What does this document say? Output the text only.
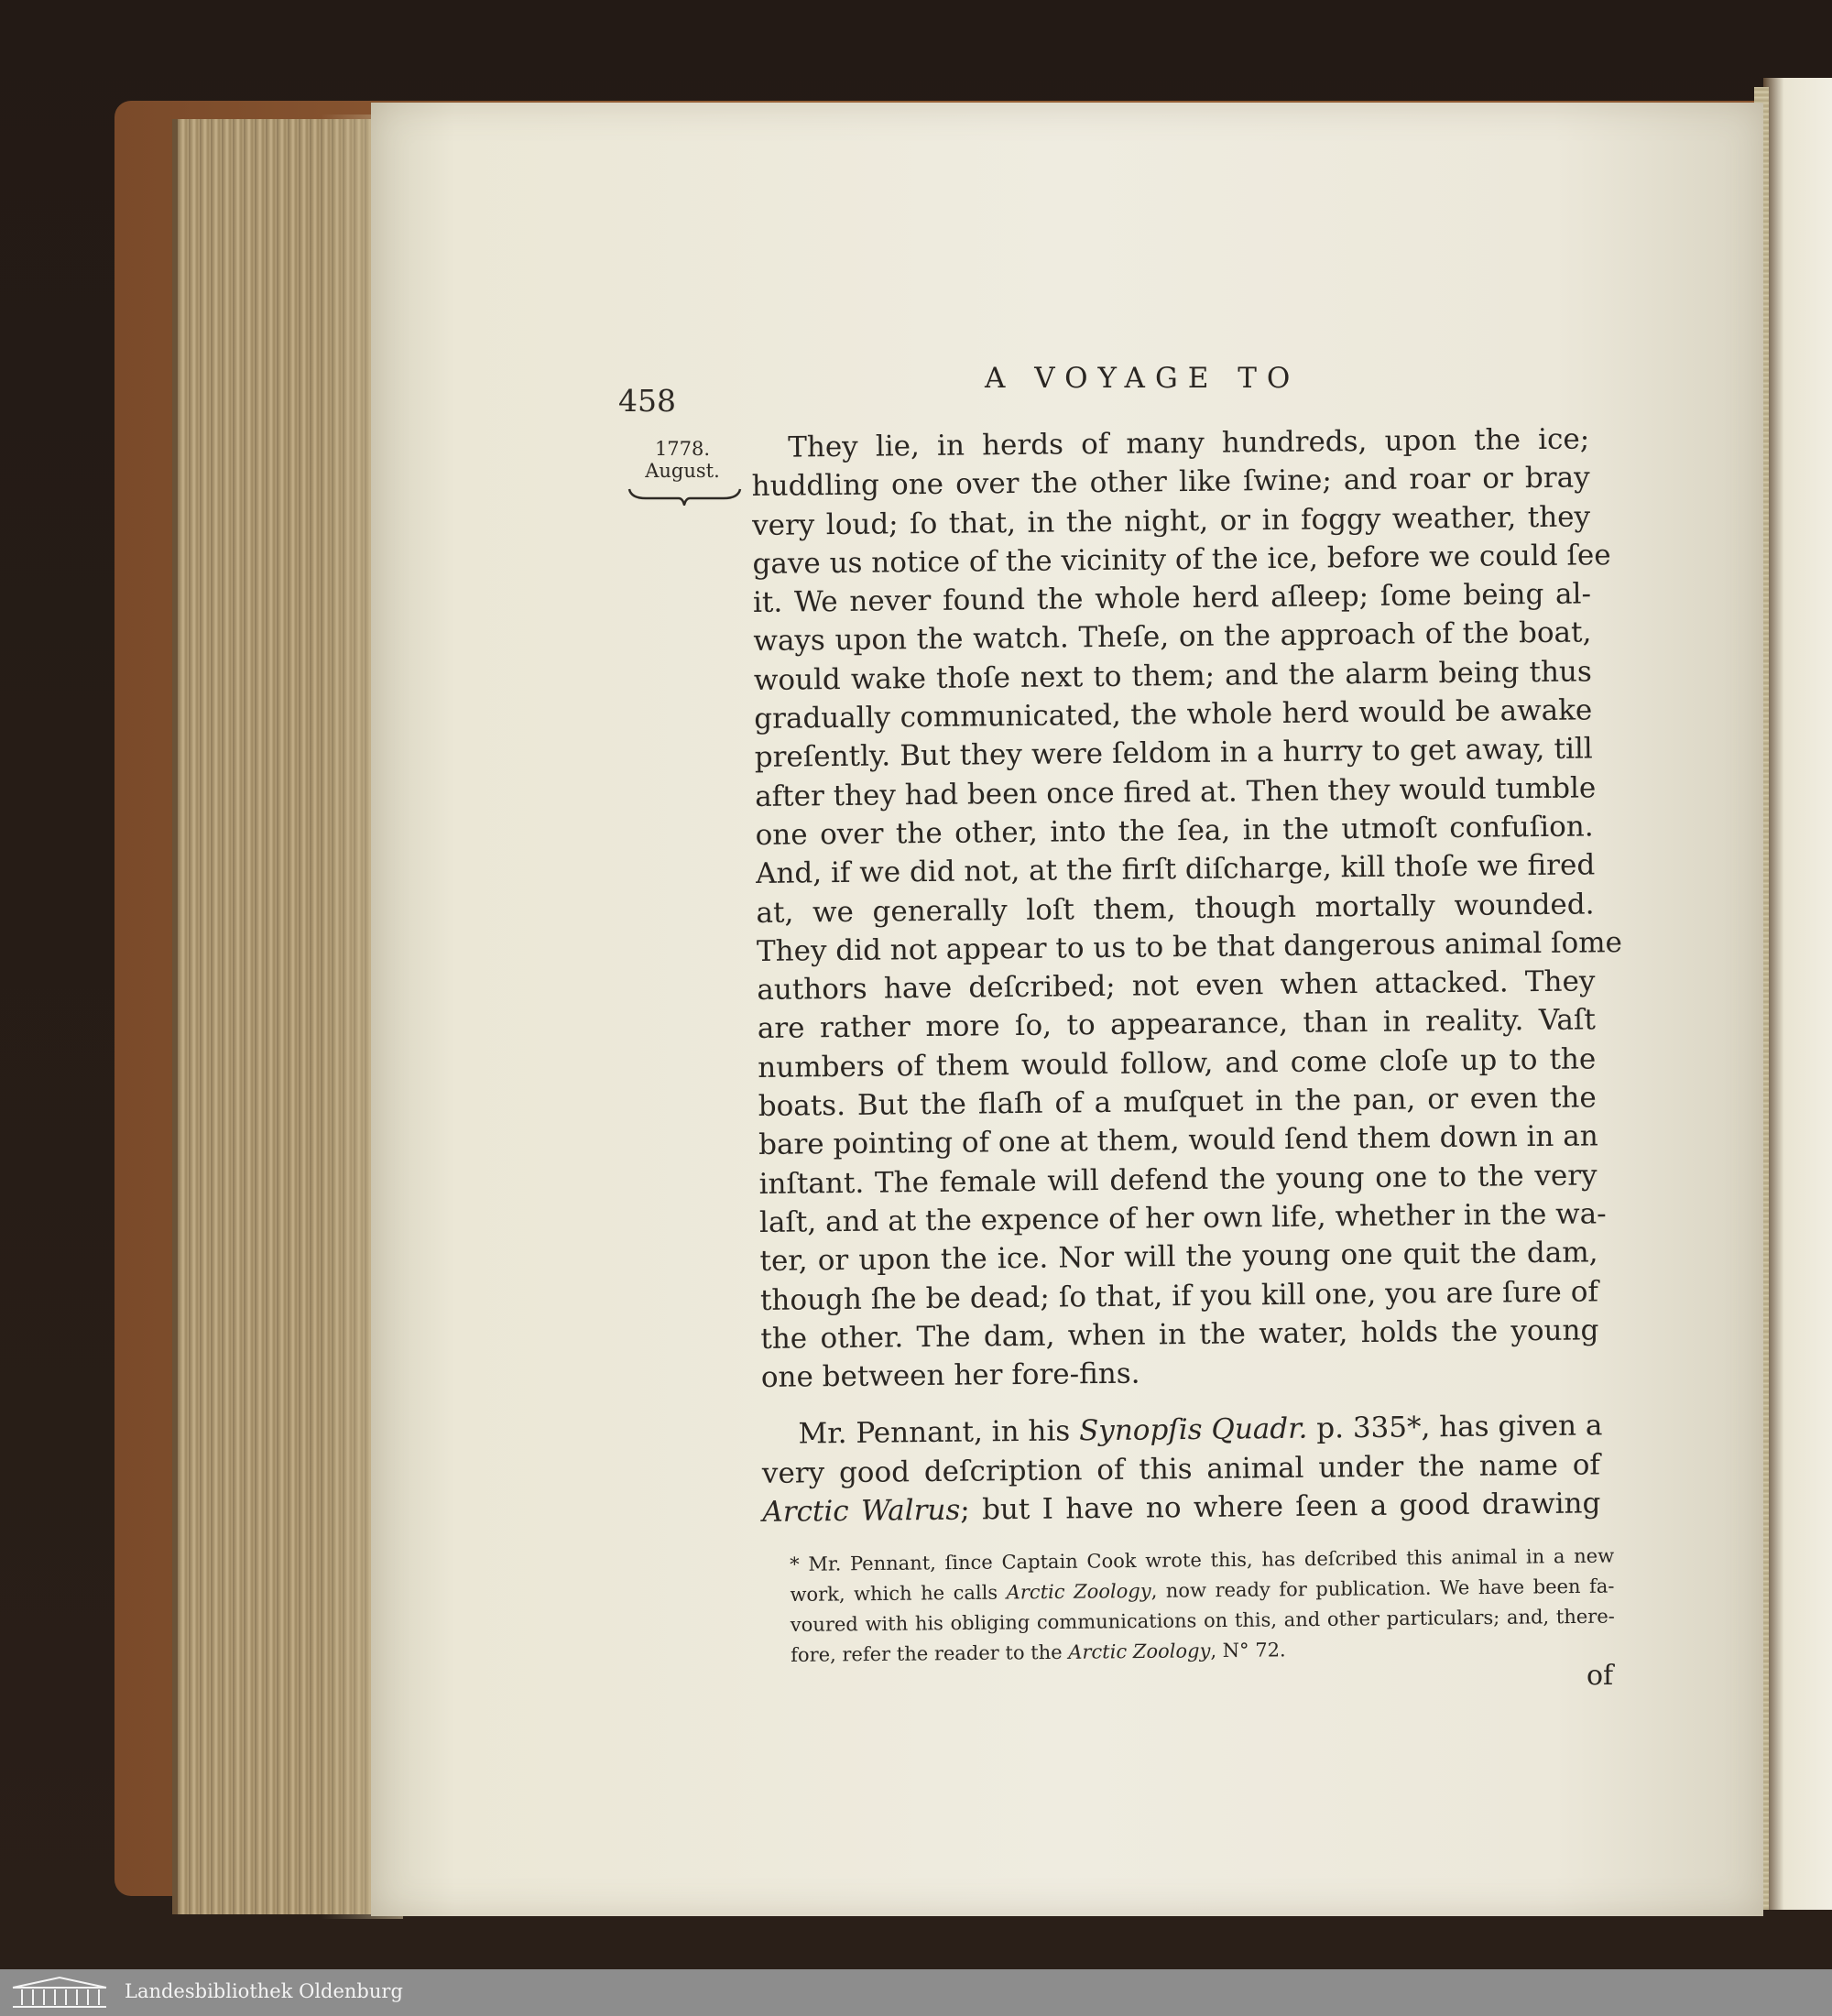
458
A VOYAGE TO
1778.
August.
They lie, in herds of many hundreds, upon the ice;
huddling one over the other like ſwine; and roar or bray
very loud; ſo that, in the night, or in foggy weather, they
gave us notice of the vicinity of the ice, before we could ſee
it. We never found the whole herd aſleep; ſome being al-
ways upon the watch. Theſe, on the approach of the boat,
would wake thoſe next to them; and the alarm being thus
gradually communicated, the whole herd would be awake
preſently. But they were ſeldom in a hurry to get away, till
after they had been once fired at. Then they would tumble
one over the other, into the ſea, in the utmoſt confuſion.
And, if we did not, at the firſt diſcharge, kill thoſe we fired
at, we generally loſt them, though mortally wounded.
They did not appear to us to be that dangerous animal ſome
authors have deſcribed; not even when attacked. They
are rather more ſo, to appearance, than in reality. Vaſt
numbers of them would follow, and come cloſe up to the
boats. But the flaſh of a muſquet in the pan, or even the
bare pointing of one at them, would ſend them down in an
inſtant. The female will defend the young one to the very
laſt, and at the expence of her own life, whether in the wa-
ter, or upon the ice. Nor will the young one quit the dam,
though ſhe be dead; ſo that, if you kill one, you are ſure of
the other. The dam, when in the water, holds the young
one between her fore-fins.
Mr. Pennant, in his Synopſis Quadr. p. 335*, has given a
very good deſcription of this animal under the name of
Arctic Walrus; but I have no where ſeen a good drawing
* Mr. Pennant, ſince Captain Cook wrote this, has deſcribed this animal in a new
work, which he calls Arctic Zoology, now ready for publication. We have been fa-
voured with his obliging communications on this, and other particulars; and, there-
fore, refer the reader to the Arctic Zoology, N° 72.
of
Landesbibliothek Oldenburg
